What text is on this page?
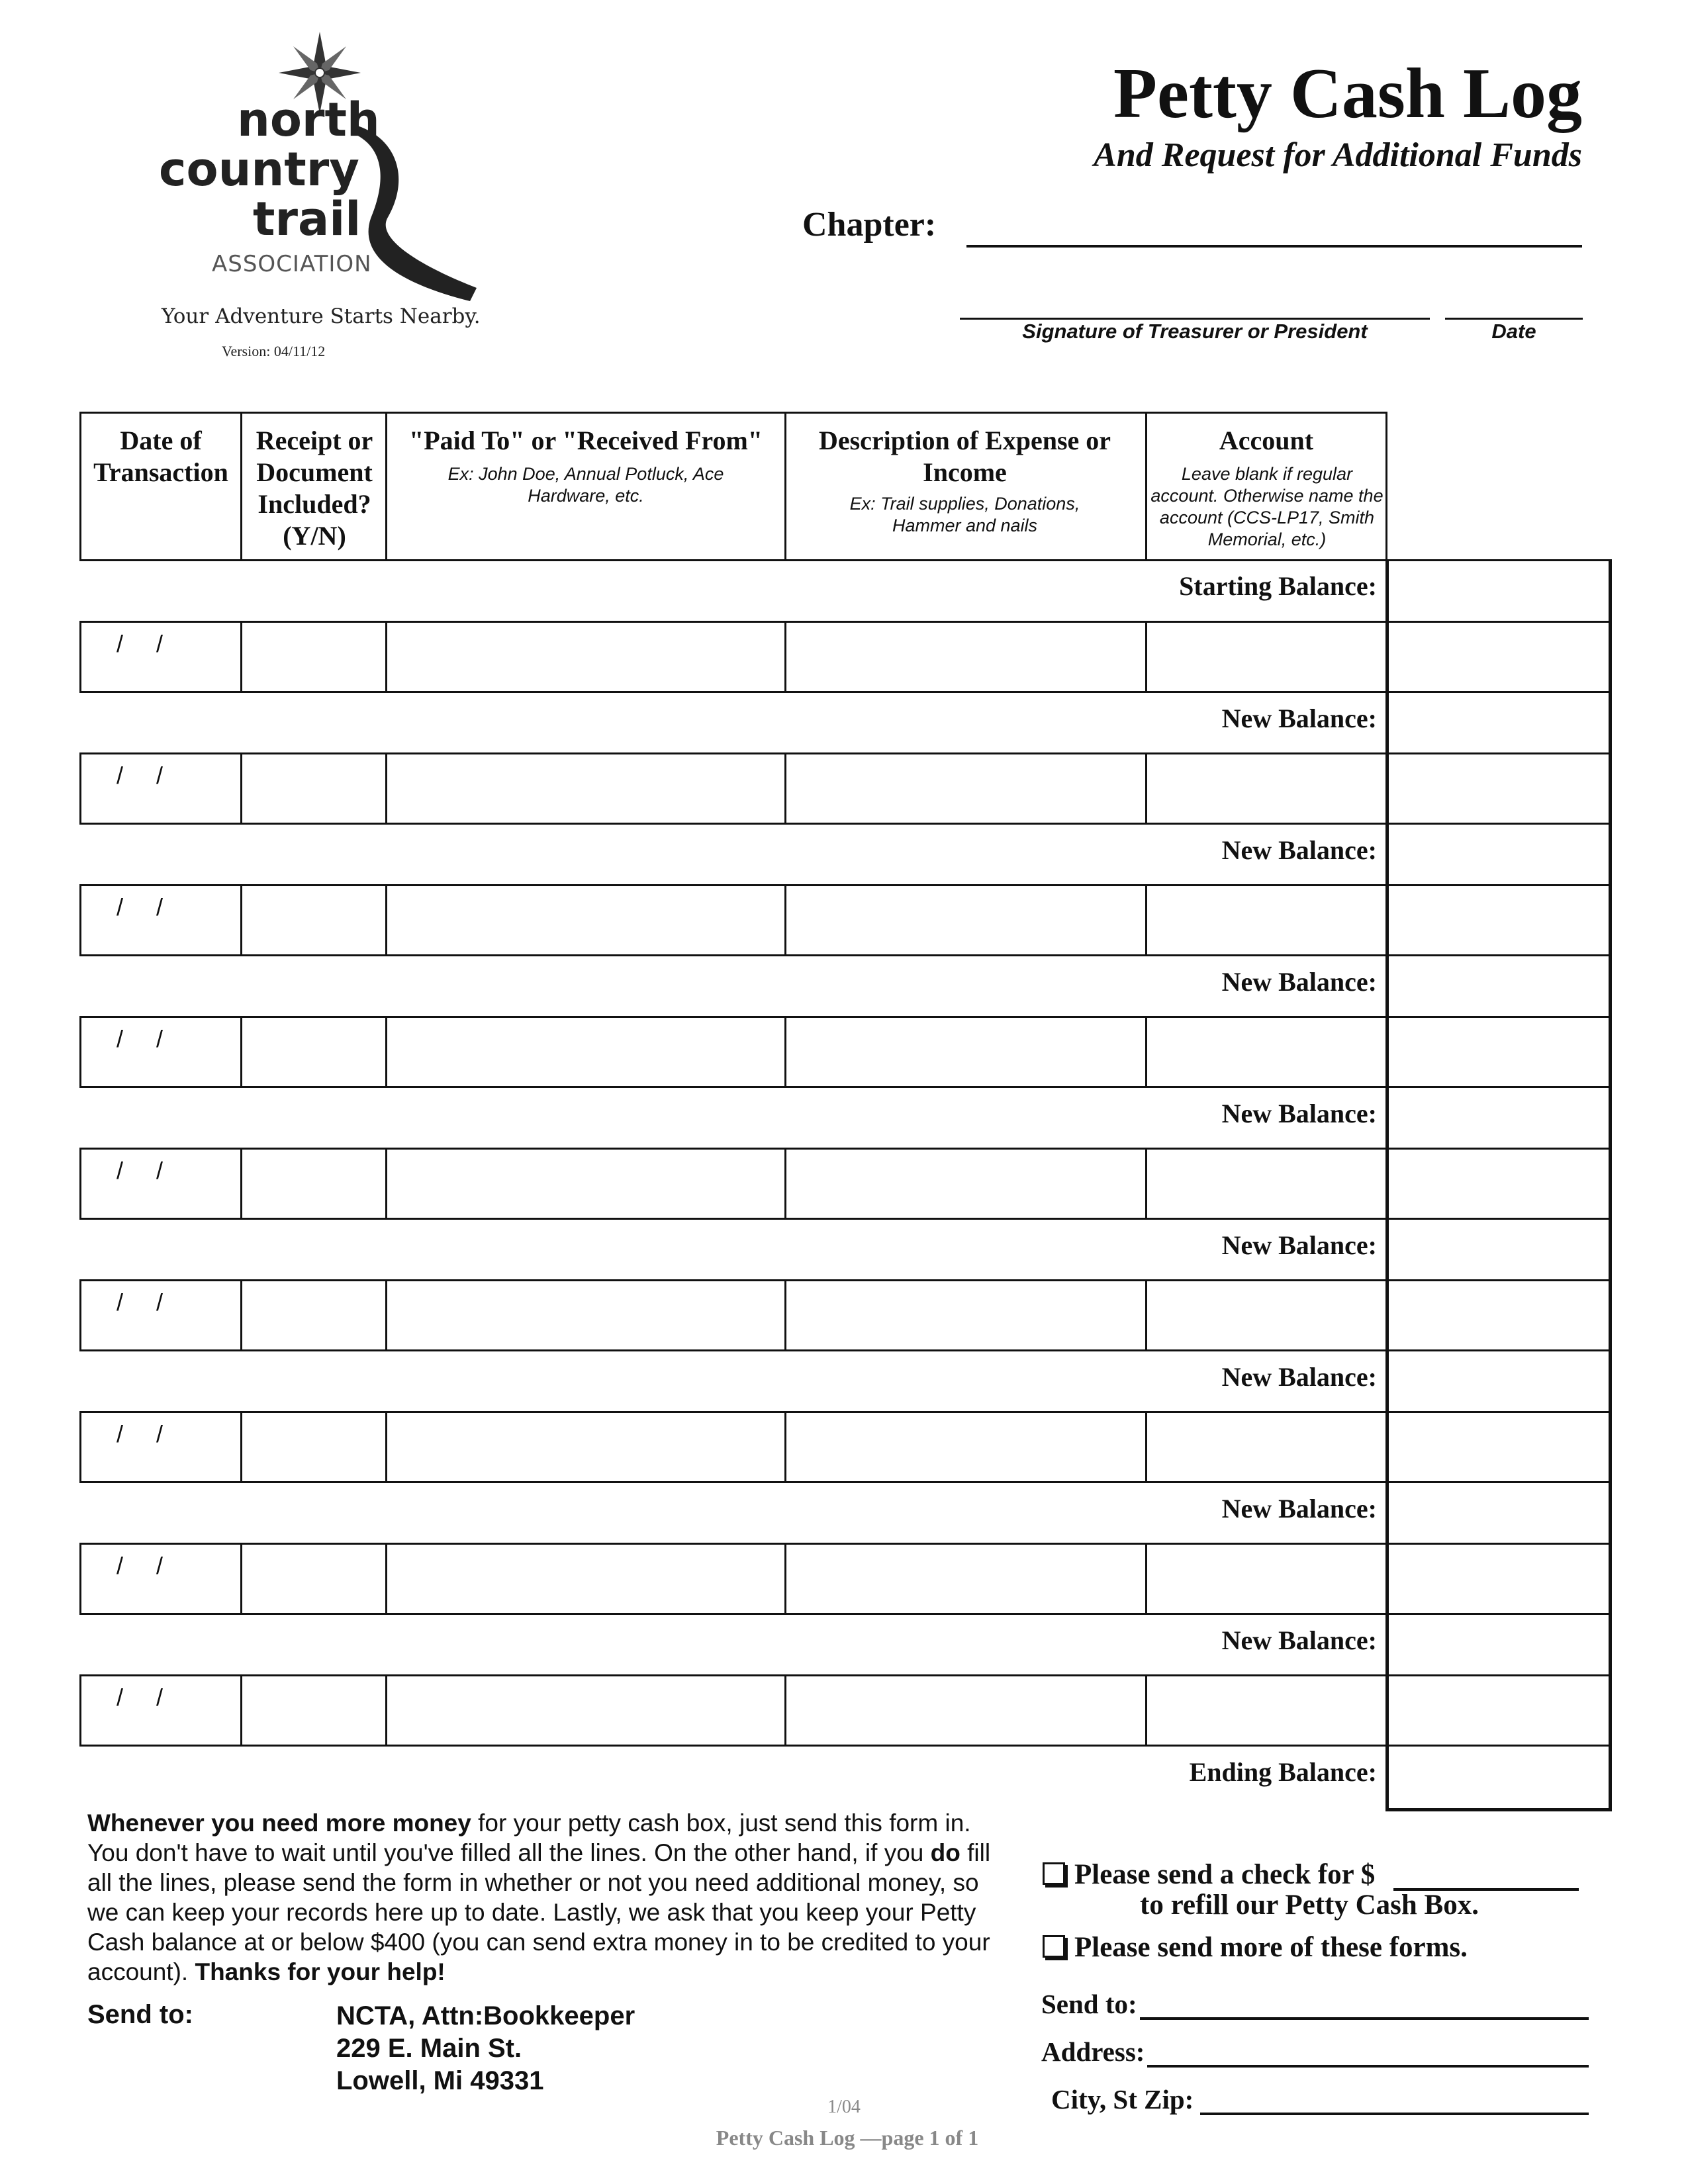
north
country
trail
ASSOCIATION
Your Adventure Starts Nearby.
Version: 04/11/12
Petty Cash Log
And Request for Additional Funds
Chapter:
Signature of Treasurer or President	Date
Date of Transaction
Receipt or Document Included? (Y/N)
"Paid To" or "Received From"
Ex: John Doe, Annual Potluck, Ace Hardware, etc.
Description of Expense or Income
Ex: Trail supplies, Donations, Hammer and nails
Account
Leave blank if regular account. Otherwise name the account (CCS-LP17, Smith Memorial, etc.)
Starting Balance:
/     /
New Balance:
/     /
New Balance:
/     /
New Balance:
/     /
New Balance:
/     /
New Balance:
/     /
New Balance:
/     /
New Balance:
/     /
New Balance:
/     /
Ending Balance:
Whenever you need more money for your petty cash box, just send this form in. You don't have to wait until you've filled all the lines. On the other hand, if you do fill all the lines, please send the form in whether or not you need additional money, so we can keep your records here up to date. Lastly, we ask that you keep your Petty Cash balance at or below $400 (you can send extra money in to be credited to your account). Thanks for your help!
Send to:	NCTA, Attn:Bookkeeper
229 E. Main St.
Lowell, Mi 49331
Please send a check for $
to refill our Petty Cash Box.
Please send more of these forms.
Send to:
Address:
City, St Zip:
1/04
Petty Cash Log —page 1 of 1
